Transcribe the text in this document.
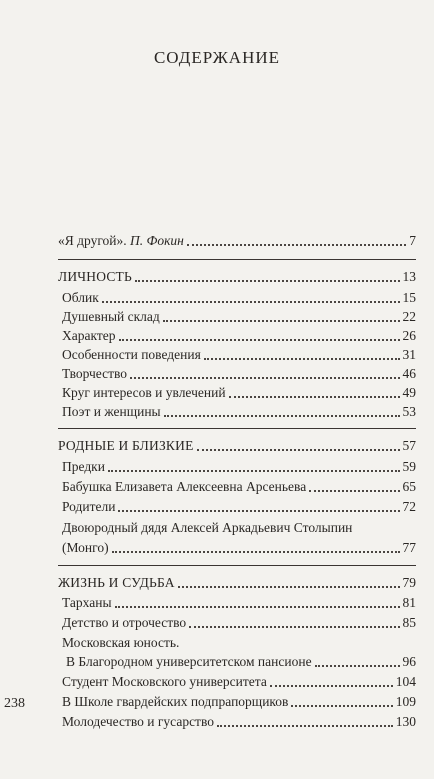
СОДЕРЖАНИЕ
«Я другой». П. Фокин	7
ЛИЧНОСТЬ	13
Облик	15
Душевный склад	22
Характер	26
Особенности поведения	31
Творчество	46
Круг интересов и увлечений	49
Поэт и женщины	53
РОДНЫЕ И БЛИЗКИЕ	57
Предки	59
Бабушка Елизавета Алексеевна Арсеньева	65
Родители	72
Двоюродный дядя Алексей Аркадьевич Столыпин
(Монго)	77
ЖИЗНЬ И СУДЬБА	79
Тарханы	81
Детство и отрочество	85
Московская юность.
В Благородном университетском пансионе	96
Студент Московского университета	104
В Школе гвардейских подпрапорщиков	109
Молодечество и гусарство	130
238
